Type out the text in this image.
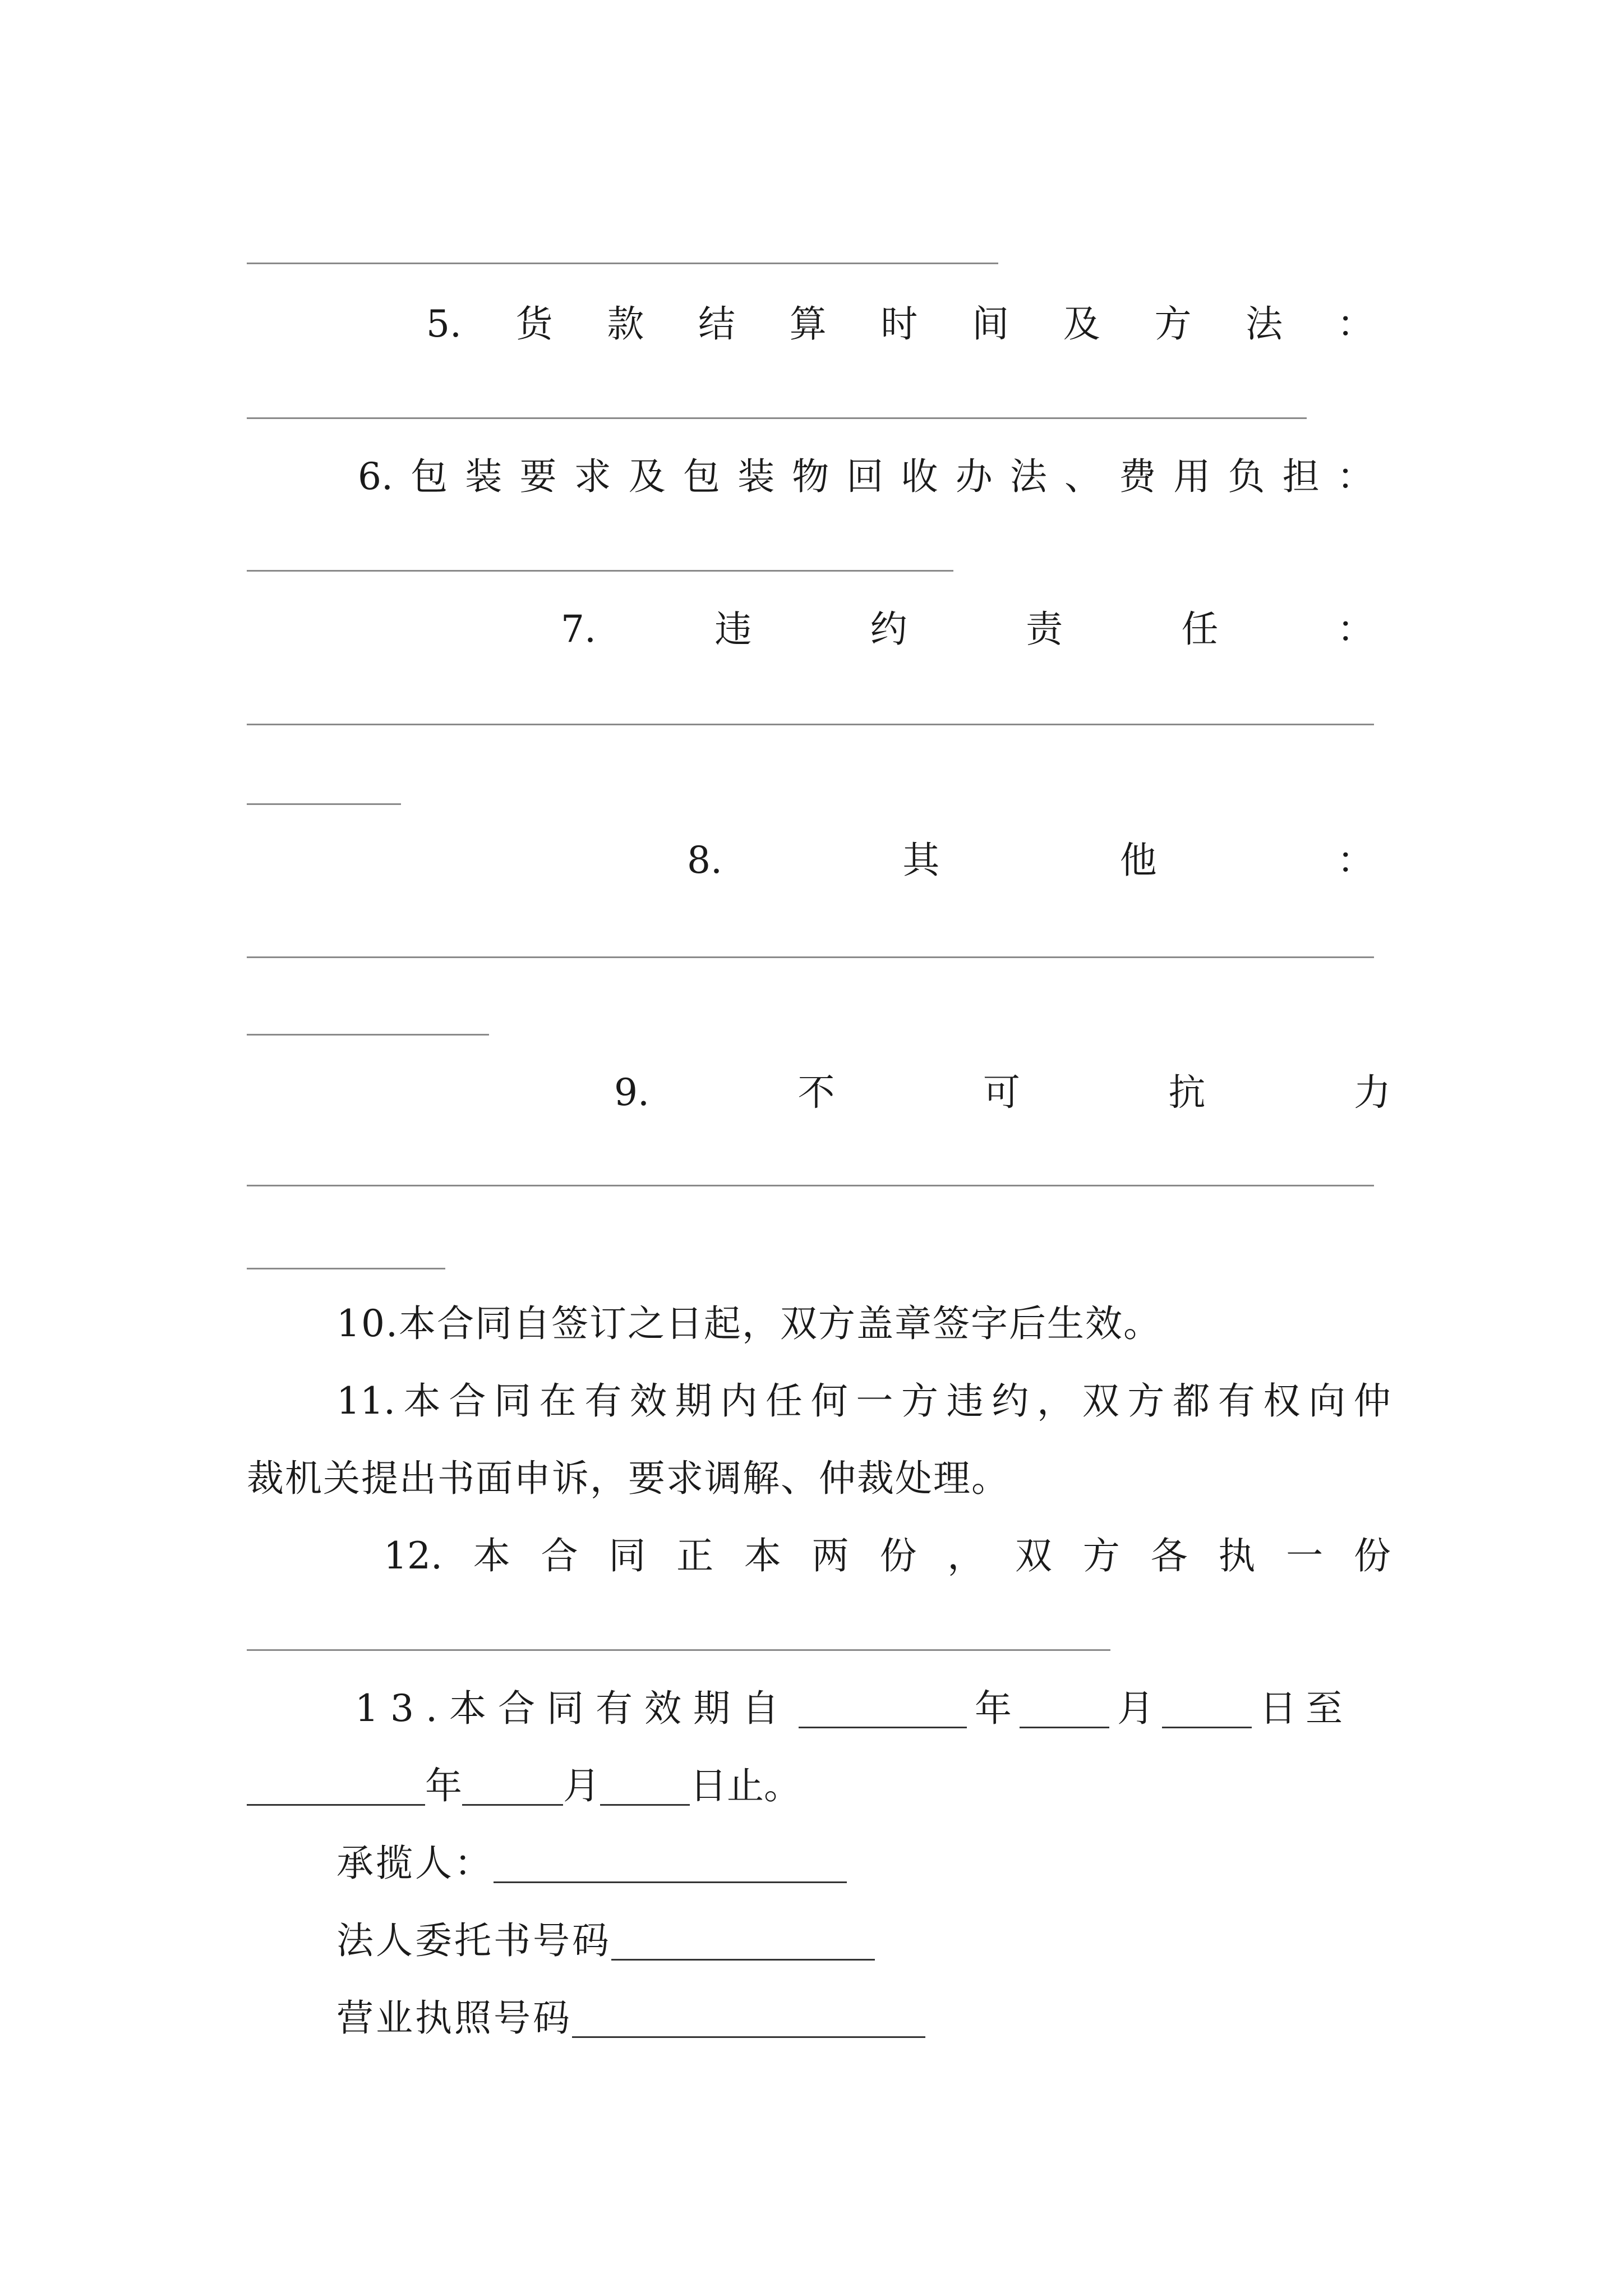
5. 货 款 结 算 时 间 及 方 法 ：
6. 包 装 要 求 及 包 装 物 回 收 办 法 、 费 用 负 担 ：
7.	违	约	责	任	：
8.	其	他	：
9.	不	可	抗	力
10.本合同自签订之日起，双方盖章签字后生效。
11. 本 合 同 在 有 效 期 内 任 何 一 方 违 约 ， 双 方 都 有 权 向 仲
裁机关提出书面申诉，要求调解、仲裁处理。
12. 本 合 同 正 本 两 份 ， 双 方 各 执 一 份
13.本合同有效期自	年	月	日至
年	月 日止。
承揽人：
法人委托书号码
营业执照号码
